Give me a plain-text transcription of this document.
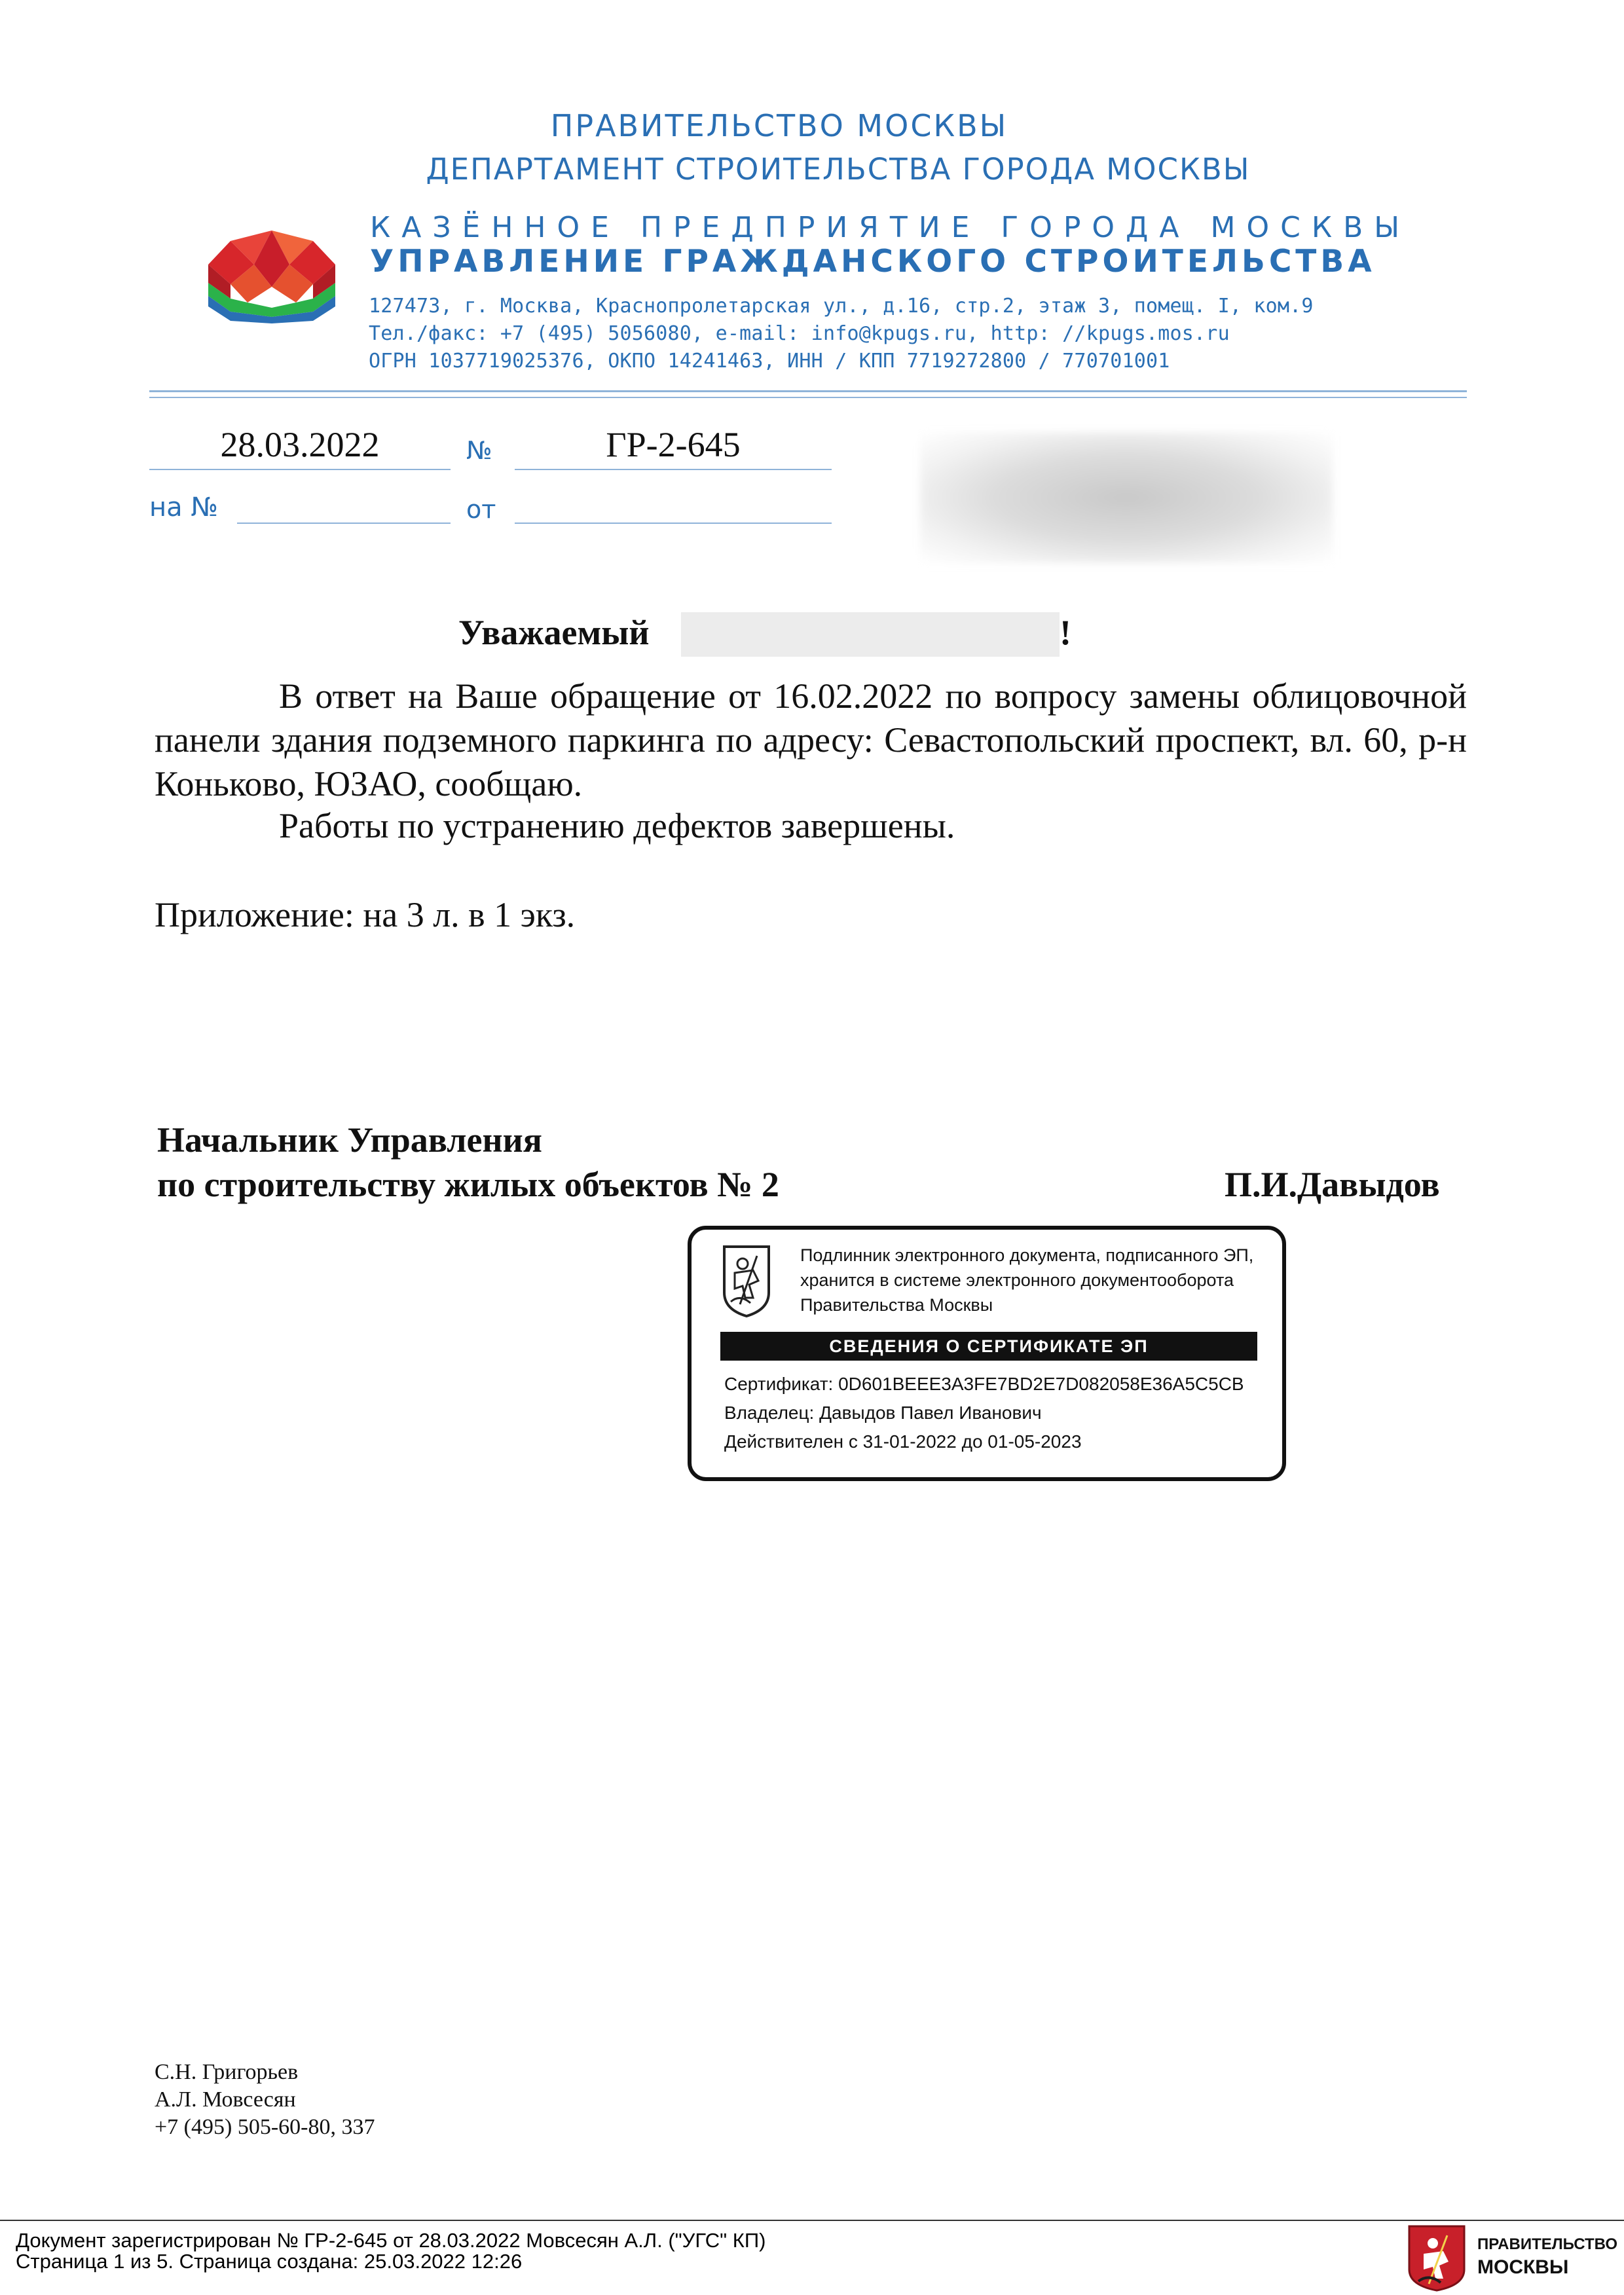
ПРАВИТЕЛЬСТВО МОСКВЫ
ДЕПАРТАМЕНТ СТРОИТЕЛЬСТВА ГОРОДА МОСКВЫ
КАЗЁННОЕ ПРЕДПРИЯТИЕ ГОРОДА МОСКВЫ
УПРАВЛЕНИЕ ГРАЖДАНСКОГО СТРОИТЕЛЬСТВА
127473, г. Москва, Краснопролетарская ул., д.16, стр.2, этаж 3, помещ. I, ком.9
Тел./факс: +7 (495) 5056080, e-mail: info@kpugs.ru, http: //kpugs.mos.ru
ОГРН 1037719025376, ОКПО 14241463, ИНН / КПП 7719272800 / 770701001
28.03.2022	№	ГР-2-645
на №	от
Уважаемый	!
В ответ на Ваше обращение от 16.02.2022 по вопросу замены облицовочной панели здания подземного паркинга по адресу: Севастопольский проспект, вл. 60, р-н Коньково, ЮЗАО, сообщаю.
Работы по устранению дефектов завершены.
Приложение: на 3 л. в 1 экз.
Начальник Управления
по строительству жилых объектов № 2	П.И.Давыдов
Подлинник электронного документа, подписанного ЭП,
хранится в системе электронного документооборота
Правительства Москвы
СВЕДЕНИЯ О СЕРТИФИКАТЕ ЭП
Сертификат: 0D601BEEE3A3FE7BD2E7D082058E36A5C5CB
Владелец: Давыдов Павел Иванович
Действителен с 31-01-2022 до 01-05-2023
С.Н. Григорьев
А.Л. Мовсесян
+7 (495) 505-60-80, 337
Документ зарегистрирован № ГР-2-645 от 28.03.2022 Мовсесян А.Л. ("УГС" КП)
Страница 1 из 5. Страница создана: 25.03.2022 12:26
ПРАВИТЕЛЬСТВО
МОСКВЫ
